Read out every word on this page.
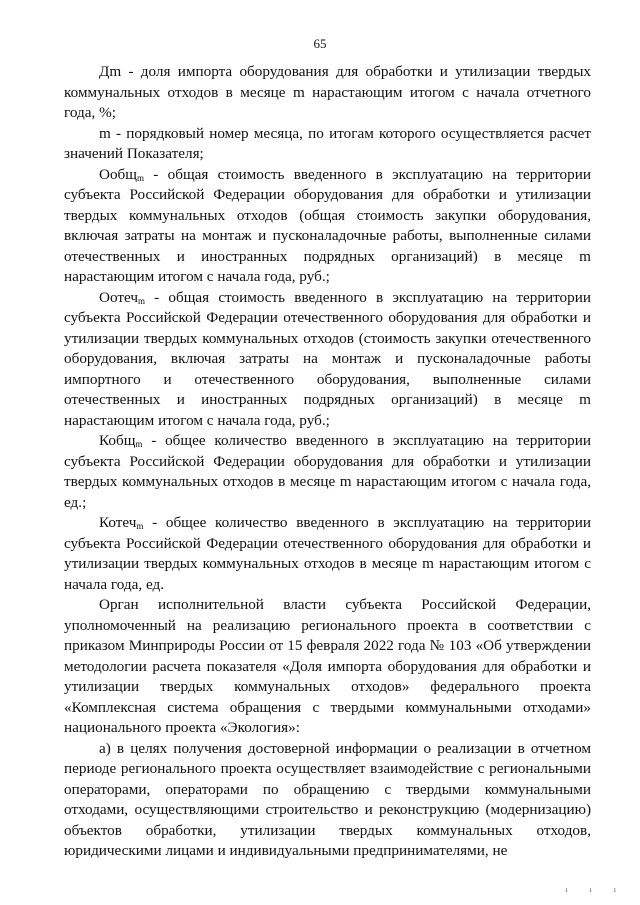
65

Дm - доля импорта оборудования для обработки и утилизации твердых коммунальных отходов в месяце m нарастающим итогом с начала отчетного года, %;

m - порядковый номер месяца, по итогам которого осуществляется расчет значений Показателя;

Ообщ$_m$ - общая стоимость введенного в эксплуатацию на территории субъекта Российской Федерации оборудования для обработки и утилизации твердых коммунальных отходов (общая стоимость закупки оборудования, включая затраты на монтаж и пусконаладочные работы, выполненные силами отечественных и иностранных подрядных организаций) в месяце m нарастающим итогом с начала года, руб.;

Оотеч$_m$ - общая стоимость введенного в эксплуатацию на территории субъекта Российской Федерации отечественного оборудования для обработки и утилизации твердых коммунальных отходов (стоимость закупки отечественного оборудования, включая затраты на монтаж и пусконаладочные работы импортного и отечественного оборудования, выполненные силами отечественных и иностранных подрядных организаций) в месяце m нарастающим итогом с начала года, руб.;

Кобщ$_m$ - общее количество введенного в эксплуатацию на территории субъекта Российской Федерации оборудования для обработки и утилизации твердых коммунальных отходов в месяце m нарастающим итогом с начала года, ед.;

Котеч$_m$ - общее количество введенного в эксплуатацию на территории субъекта Российской Федерации отечественного оборудования для обработки и утилизации твердых коммунальных отходов в месяце m нарастающим итогом с начала года, ед.

Орган исполнительной власти субъекта Российской Федерации, уполномоченный на реализацию регионального проекта в соответствии с приказом Минприроды России от 15 февраля 2022 года № 103 «Об утверждении методологии расчета показателя «Доля импорта оборудования для обработки и утилизации твердых коммунальных отходов» федерального проекта «Комплексная система обращения с твердыми коммунальными отходами» национального проекта «Экология»:

а) в целях получения достоверной информации о реализации в отчетном периоде регионального проекта осуществляет взаимодействие с региональными операторами, операторами по обращению с твердыми коммунальными отходами, осуществляющими строительство и реконструкцию (модернизацию) объектов обработки, утилизации твердых коммунальных отходов, юридическими лицами и индивидуальными предпринимателями, не

ı ı ı
